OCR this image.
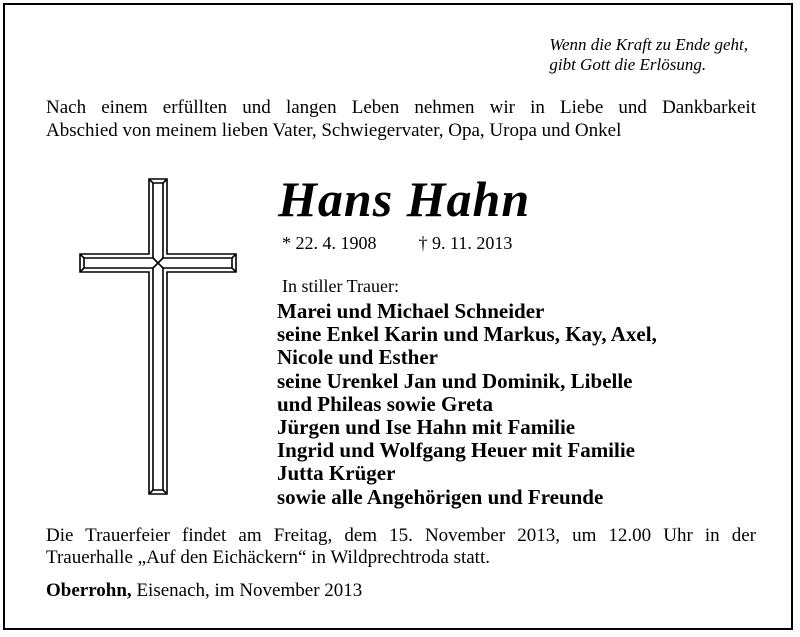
Wenn die Kraft zu Ende geht,
gibt Gott die Erlösung.
Nach einem erfüllten und langen Leben nehmen wir in Liebe und Dankbarkeit
Abschied von meinem lieben Vater, Schwiegervater, Opa, Uropa und Onkel
Hans Hahn
* 22. 4. 1908 † 9. 11. 2013
In stiller Trauer:
Marei und Michael Schneider
seine Enkel Karin und Markus, Kay, Axel,
Nicole und Esther
seine Urenkel Jan und Dominik, Libelle
und Phileas sowie Greta
Jürgen und Ise Hahn mit Familie
Ingrid und Wolfgang Heuer mit Familie
Jutta Krüger
sowie alle Angehörigen und Freunde
Die Trauerfeier findet am Freitag, dem 15. November 2013, um 12.00 Uhr in der
Trauerhalle „Auf den Eichäckern“ in Wildprechtroda statt.
Oberrohn, Eisenach, im November 2013
